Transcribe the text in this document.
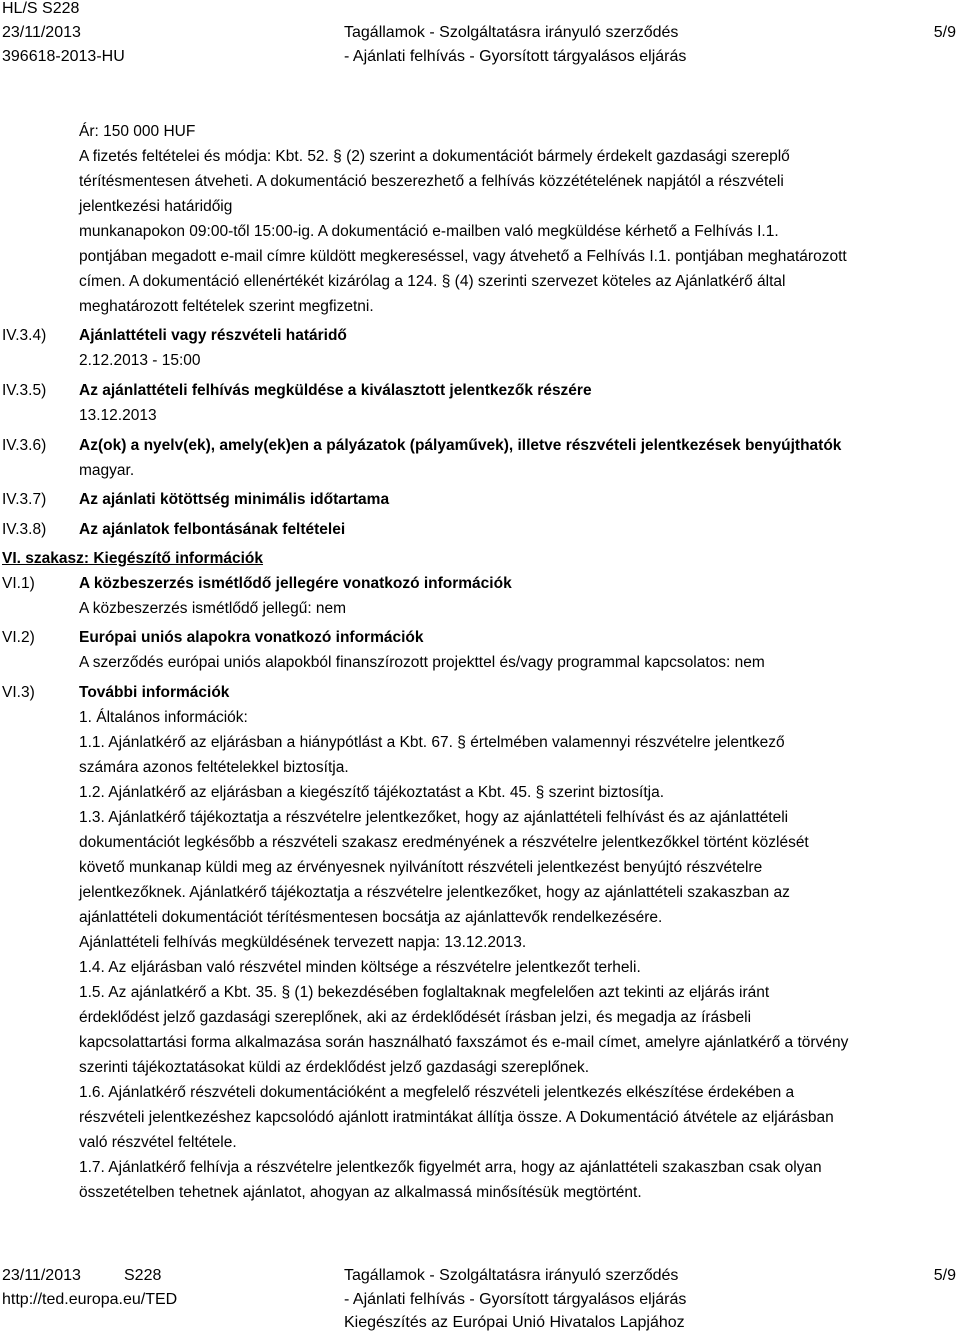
HL/S S228
23/11/2013
396618-2013-HU
Tagállamok - Szolgáltatásra irányuló szerződés
- Ajánlati felhívás - Gyorsított tárgyalásos eljárás
5/9
Ár: 150 000 HUF
A fizetés feltételei és módja: Kbt. 52. § (2) szerint a dokumentációt bármely érdekelt gazdasági szereplő
térítésmentesen átveheti. A dokumentáció beszerezhető a felhívás közzétételének napjától a részvételi
jelentkezési határidőig
munkanapokon 09:00-től 15:00-ig. A dokumentáció e-mailben való megküldése kérhető a Felhívás I.1.
pontjában megadott e-mail címre küldött megkereséssel, vagy átvehető a Felhívás I.1. pontjában meghatározott
címen. A dokumentáció ellenértékét kizárólag a 124. § (4) szerinti szervezet köteles az Ajánlatkérő által
meghatározott feltételek szerint megfizetni.
IV.3.4) Ajánlattételi vagy részvételi határidő
2.12.2013 - 15:00
IV.3.5) Az ajánlattételi felhívás megküldése a kiválasztott jelentkezők részére
13.12.2013
IV.3.6) Az(ok) a nyelv(ek), amely(ek)en a pályázatok (pályaművek), illetve részvételi jelentkezések benyújthatók
magyar.
IV.3.7) Az ajánlati kötöttség minimális időtartama
IV.3.8) Az ajánlatok felbontásának feltételei
VI. szakasz: Kiegészítő információk
VI.1)	A közbeszerzés ismétlődő jellegére vonatkozó információk
A közbeszerzés ismétlődő jellegű: nem
VI.2)	Európai uniós alapokra vonatkozó információk
A szerződés európai uniós alapokból finanszírozott projekttel és/vagy programmal kapcsolatos: nem
VI.3)	További információk
1. Általános információk:
1.1. Ajánlatkérő az eljárásban a hiánypótlást a Kbt. 67. § értelmében valamennyi részvételre jelentkező
számára azonos feltételekkel biztosítja.
1.2. Ajánlatkérő az eljárásban a kiegészítő tájékoztatást a Kbt. 45. § szerint biztosítja.
1.3. Ajánlatkérő tájékoztatja a részvételre jelentkezőket, hogy az ajánlattételi felhívást és az ajánlattételi
dokumentációt legkésőbb a részvételi szakasz eredményének a részvételre jelentkezőkkel történt közlését
követő munkanap küldi meg az érvényesnek nyilvánított részvételi jelentkezést benyújtó részvételre
jelentkezőknek. Ajánlatkérő tájékoztatja a részvételre jelentkezőket, hogy az ajánlattételi szakaszban az
ajánlattételi dokumentációt térítésmentesen bocsátja az ajánlattevők rendelkezésére.
Ajánlattételi felhívás megküldésének tervezett napja: 13.12.2013.
1.4. Az eljárásban való részvétel minden költsége a részvételre jelentkezőt terheli.
1.5. Az ajánlatkérő a Kbt. 35. § (1) bekezdésében foglaltaknak megfelelően azt tekinti az eljárás iránt
érdeklődést jelző gazdasági szereplőnek, aki az érdeklődését írásban jelzi, és megadja az írásbeli
kapcsolattartási forma alkalmazása során használható faxszámot és e-mail címet, amelyre ajánlatkérő a törvény
szerinti tájékoztatásokat küldi az érdeklődést jelző gazdasági szereplőnek.
1.6. Ajánlatkérő részvételi dokumentációként a megfelelő részvételi jelentkezés elkészítése érdekében a
részvételi jelentkezéshez kapcsolódó ajánlott iratmintákat állítja össze. A Dokumentáció átvétele az eljárásban
való részvétel feltétele.
1.7. Ajánlatkérő felhívja a részvételre jelentkezők figyelmét arra, hogy az ajánlattételi szakaszban csak olyan
összetételben tehetnek ajánlatot, ahogyan az alkalmassá minősítésük megtörtént.
23/11/2013	S228
http://ted.europa.eu/TED
Tagállamok - Szolgáltatásra irányuló szerződés
- Ajánlati felhívás - Gyorsított tárgyalásos eljárás
Kiegészítés az Európai Unió Hivatalos Lapjához
5/9
